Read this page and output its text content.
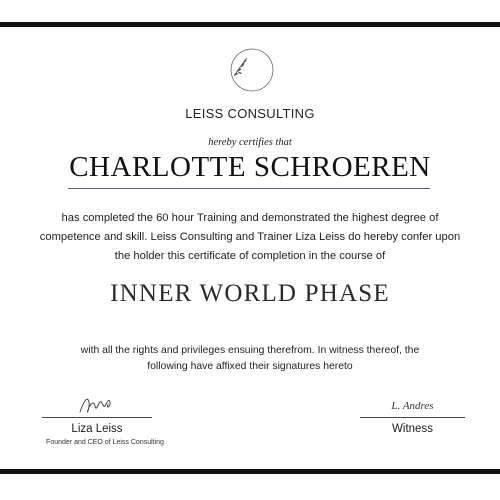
LEISS CONSULTING
hereby certifies that
CHARLOTTE SCHROEREN
has completed the 60 hour Training and demonstrated the highest degree of
competence and skill. Leiss Consulting and Trainer Liza Leiss do hereby confer upon
the holder this certificate of completion in the course of
INNER WORLD PHASE
with all the rights and privileges ensuing therefrom. In witness thereof, the
following have affixed their signatures hereto
Liza Leiss
Founder and CEO of Leiss Consulting
L. Andres
Witness
